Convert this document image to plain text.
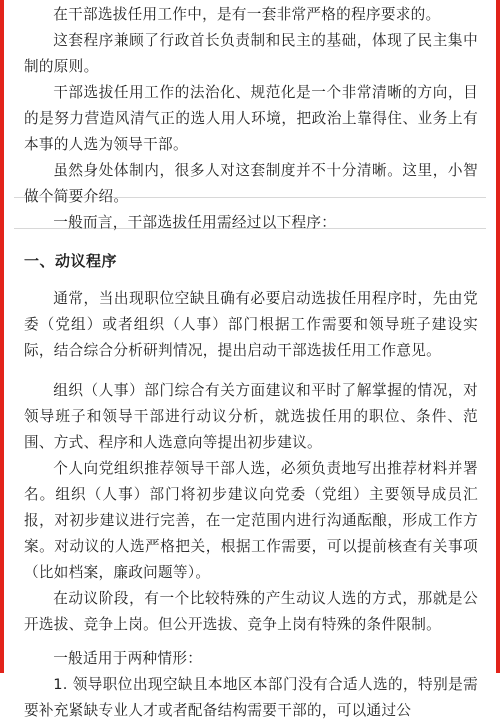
在干部选拔任用工作中，是有一套非常严格的程序要求的。

这套程序兼顾了行政首长负责制和民主的基础，体现了民主集中制的原则。

干部选拔任用工作的法治化、规范化是一个非常清晰的方向，目的是努力营造风清气正的选人用人环境，把政治上靠得住、业务上有本事的人选为领导干部。

虽然身处体制内，很多人对这套制度并不十分清晰。这里，小智做个简要介绍。

一般而言，干部选拔任用需经过以下程序：

一、动议程序

通常，当出现职位空缺且确有必要启动选拔任用程序时，先由党委（党组）或者组织（人事）部门根据工作需要和领导班子建设实际，结合综合分析研判情况，提出启动干部选拔任用工作意见。

组织（人事）部门综合有关方面建议和平时了解掌握的情况，对领导班子和领导干部进行动议分析，就选拔任用的职位、条件、范围、方式、程序和人选意向等提出初步建议。

个人向党组织推荐领导干部人选，必须负责地写出推荐材料并署名。组织（人事）部门将初步建议向党委（党组）主要领导成员汇报，对初步建议进行完善，在一定范围内进行沟通酝酿，形成工作方案。对动议的人选严格把关，根据工作需要，可以提前核查有关事项（比如档案，廉政问题等）。

在动议阶段，有一个比较特殊的产生动议人选的方式，那就是公开选拔、竞争上岗。但公开选拔、竞争上岗有特殊的条件限制。

一般适用于两种情形：

1. 领导职位出现空缺且本地区本部门没有合适人选的，特别是需要补充紧缺专业人才或者配备结构需要干部的，可以通过公
